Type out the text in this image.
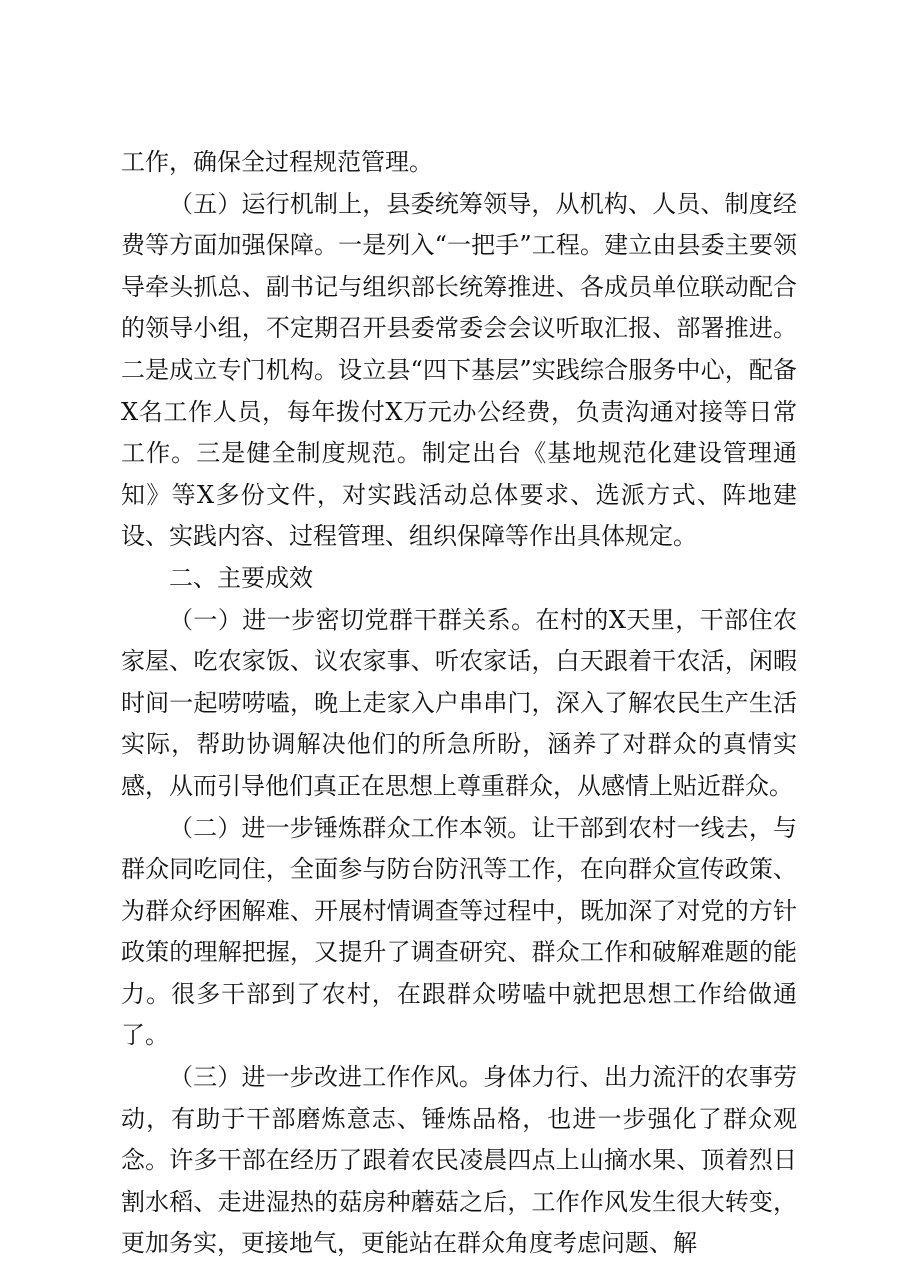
工作，确保全过程规范管理。

（五）运行机制上，县委统筹领导，从机构、人员、制度经费等方面加强保障。一是列入“一把手”工程。建立由县委主要领导牵头抓总、副书记与组织部长统筹推进、各成员单位联动配合的领导小组，不定期召开县委常委会会议听取汇报、部署推进。二是成立专门机构。设立县“四下基层”实践综合服务中心，配备X名工作人员，每年拨付X万元办公经费，负责沟通对接等日常工作。三是健全制度规范。制定出台《基地规范化建设管理通知》等X多份文件，对实践活动总体要求、选派方式、阵地建设、实践内容、过程管理、组织保障等作出具体规定。

二、主要成效

（一）进一步密切党群干群关系。在村的X天里，干部住农家屋、吃农家饭、议农家事、听农家话，白天跟着干农活，闲暇时间一起唠唠嗑，晚上走家入户串串门，深入了解农民生产生活实际，帮助协调解决他们的所急所盼，涵养了对群众的真情实感，从而引导他们真正在思想上尊重群众，从感情上贴近群众。

（二）进一步锤炼群众工作本领。让干部到农村一线去，与群众同吃同住，全面参与防台防汛等工作，在向群众宣传政策、为群众纾困解难、开展村情调查等过程中，既加深了对党的方针政策的理解把握，又提升了调查研究、群众工作和破解难题的能力。很多干部到了农村，在跟群众唠嗑中就把思想工作给做通了。

（三）进一步改进工作作风。身体力行、出力流汗的农事劳动，有助于干部磨炼意志、锤炼品格，也进一步强化了群众观念。许多干部在经历了跟着农民凌晨四点上山摘水果、顶着烈日割水稻、走进湿热的菇房种蘑菇之后，工作作风发生很大转变，更加务实，更接地气，更能站在群众角度考虑问题、解
